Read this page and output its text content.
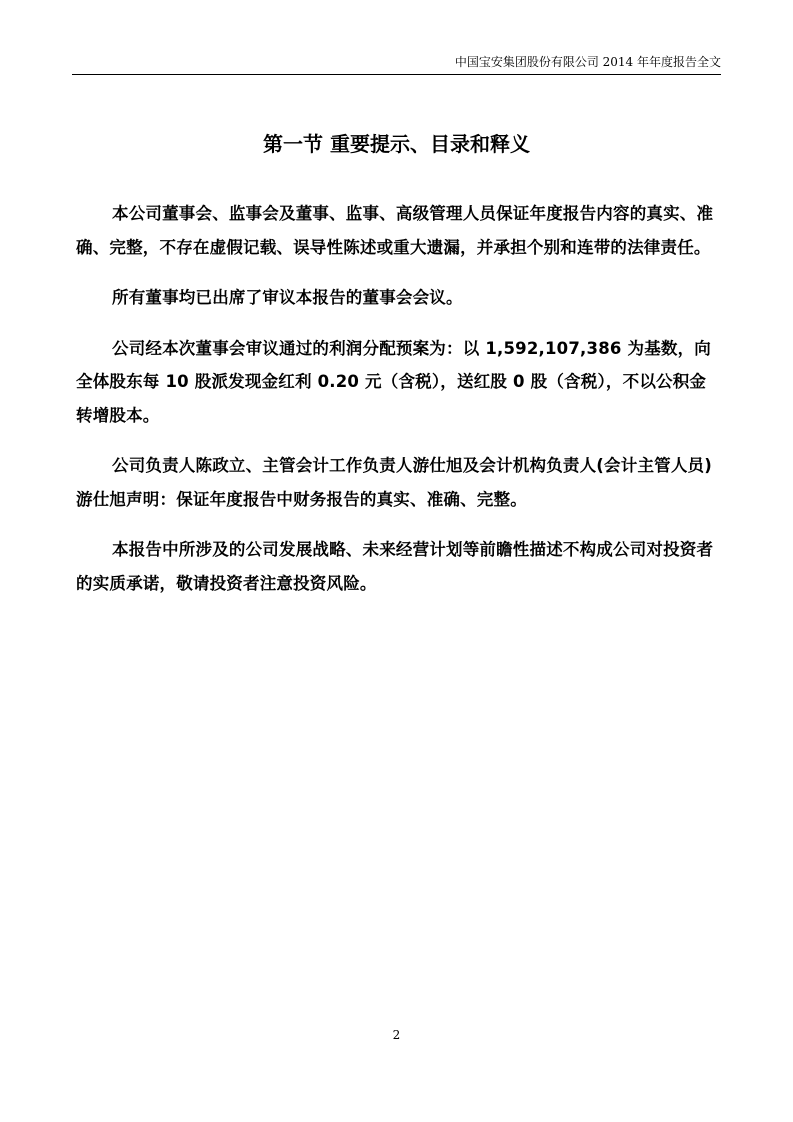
中国宝安集团股份有限公司 2014 年年度报告全文
第一节 重要提示、目录和释义

本公司董事会、监事会及董事、监事、高级管理人员保证年度报告内容的真实、准确、完整，不存在虚假记载、误导性陈述或重大遗漏，并承担个别和连带的法律责任。

所有董事均已出席了审议本报告的董事会会议。

公司经本次董事会审议通过的利润分配预案为：以 1,592,107,386 为基数，向全体股东每 10 股派发现金红利 0.20 元（含税），送红股 0 股（含税），不以公积金转增股本。

公司负责人陈政立、主管会计工作负责人游仕旭及会计机构负责人(会计主管人员)游仕旭声明：保证年度报告中财务报告的真实、准确、完整。

本报告中所涉及的公司发展战略、未来经营计划等前瞻性描述不构成公司对投资者的实质承诺，敬请投资者注意投资风险。

2
